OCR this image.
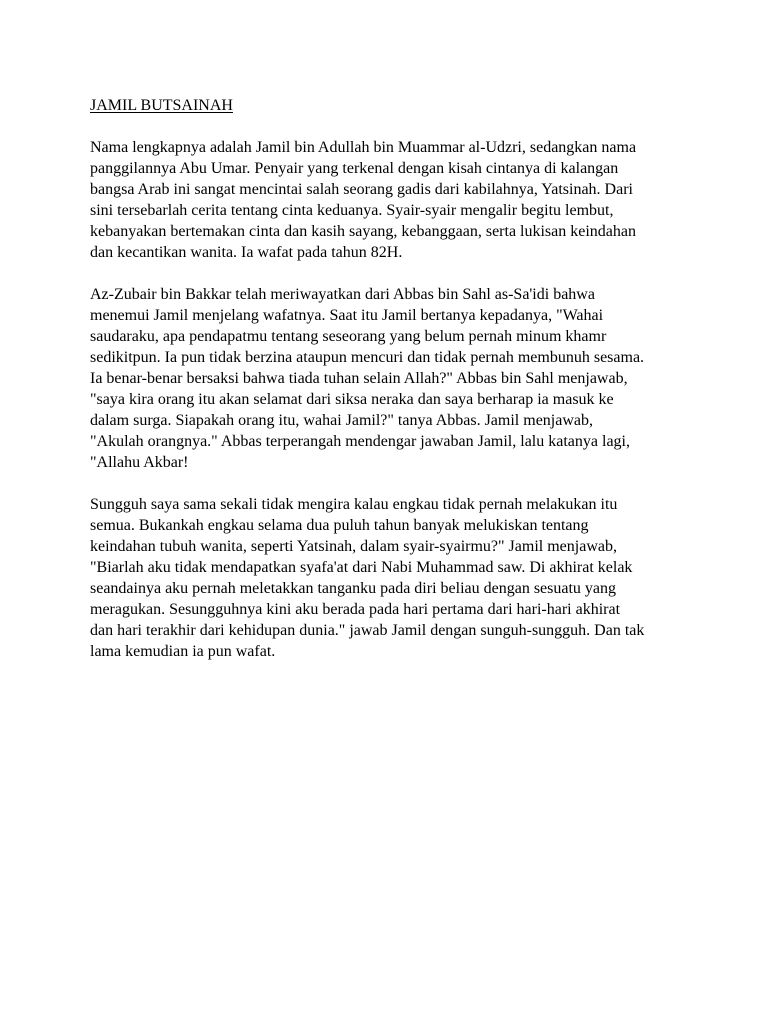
JAMIL BUTSAINAH

Nama lengkapnya adalah Jamil bin Adullah bin Muammar al-Udzri, sedangkan nama
panggilannya Abu Umar. Penyair yang terkenal dengan kisah cintanya di kalangan
bangsa Arab ini sangat mencintai salah seorang gadis dari kabilahnya, Yatsinah. Dari
sini tersebarlah cerita tentang cinta keduanya. Syair-syair mengalir begitu lembut,
kebanyakan bertemakan cinta dan kasih sayang, kebanggaan, serta lukisan keindahan
dan kecantikan wanita. Ia wafat pada tahun 82H.

Az-Zubair bin Bakkar telah meriwayatkan dari Abbas bin Sahl as-Sa'idi bahwa
menemui Jamil menjelang wafatnya. Saat itu Jamil bertanya kepadanya, "Wahai
saudaraku, apa pendapatmu tentang seseorang yang belum pernah minum khamr
sedikitpun. Ia pun tidak berzina ataupun mencuri dan tidak pernah membunuh sesama.
Ia benar-benar bersaksi bahwa tiada tuhan selain Allah?" Abbas bin Sahl menjawab,
"saya kira orang itu akan selamat dari siksa neraka dan saya berharap ia masuk ke
dalam surga. Siapakah orang itu, wahai Jamil?" tanya Abbas. Jamil menjawab,
"Akulah orangnya." Abbas terperangah mendengar jawaban Jamil, lalu katanya lagi,
"Allahu Akbar!

Sungguh saya sama sekali tidak mengira kalau engkau tidak pernah melakukan itu
semua. Bukankah engkau selama dua puluh tahun banyak melukiskan tentang
keindahan tubuh wanita, seperti Yatsinah, dalam syair-syairmu?" Jamil menjawab,
"Biarlah aku tidak mendapatkan syafa'at dari Nabi Muhammad saw. Di akhirat kelak
seandainya aku pernah meletakkan tanganku pada diri beliau dengan sesuatu yang
meragukan. Sesungguhnya kini aku berada pada hari pertama dari hari-hari akhirat
dan hari terakhir dari kehidupan dunia." jawab Jamil dengan sunguh-sungguh. Dan tak
lama kemudian ia pun wafat.
